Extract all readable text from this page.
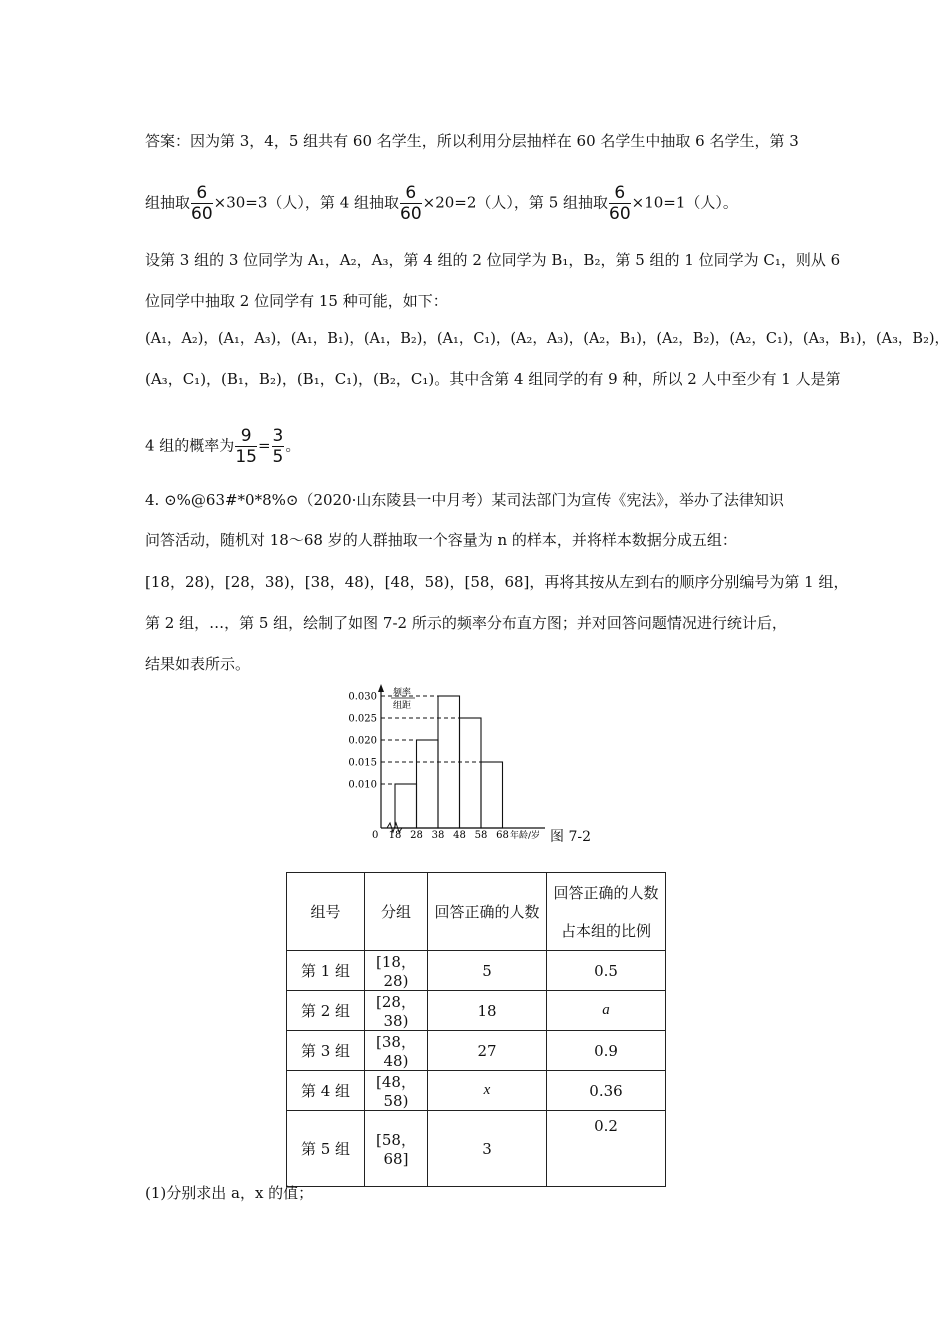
答案：因为第 3，4，5 组共有 60 名学生，所以利用分层抽样在 60 名学生中抽取 6 名学生，第 3
组抽取 $\frac{6}{60} \times 30=3$（人），第 4 组抽取 $\frac{6}{60} \times 20=2$（人），第 5 组抽取 $\frac{6}{60} \times 10=1$（人）。
设第 3 组的 3 位同学为 A₁，A₂，A₃，第 4 组的 2 位同学为 B₁，B₂，第 5 组的 1 位同学为 C₁，则从 6
位同学中抽取 2 位同学有 15 种可能，如下：
(A₁，A₂)，(A₁，A₃)，(A₁，B₁)，(A₁，B₂)，(A₁，C₁)，(A₂，A₃)，(A₂，B₁)，(A₂，B₂)，(A₂，C₁)，(A₃，B₁)，(A₃，B₂)，
(A₃，C₁)，(B₁，B₂)，(B₁，C₁)，(B₂，C₁)。其中含第 4 组同学的有 9 种，所以 2 人中至少有 1 人是第
4 组的概率为 $\frac{9}{15} = \frac{3}{5}$ 。
4. ⊙%@63#*0*8%⊙（2020·山东陵县一中月考）某司法部门为宣传《宪法》，举办了法律知识
问答活动，随机对 18～68 岁的人群抽取一个容量为 n 的样本，并将样本数据分成五组：
[18，28)，[28，38)，[38，48)，[48，58)，[58，68]，再将其按从左到右的顺序分别编号为第 1 组，
第 2 组，…，第 5 组，绘制了如图 7-2 所示的频率分布直方图；并对回答问题情况进行统计后，
结果如表所示。
频率
组距
0	年龄/岁
0.010
0.015
0.020
0.025
0.030
18 28 38 48 58 68	图 7-2
组号	分组	回答正确的人数	回答正确的人数
占本组的比例

第 1 组	[18，28)	5	0.5
第 2 组	[28，38)	18	a
第 3 组	[38，48)	27	0.9
第 4 组	[48，58)	x	0.36
第 5 组	[58，68]	3	0.2
(1)分别求出 a，x 的值；
